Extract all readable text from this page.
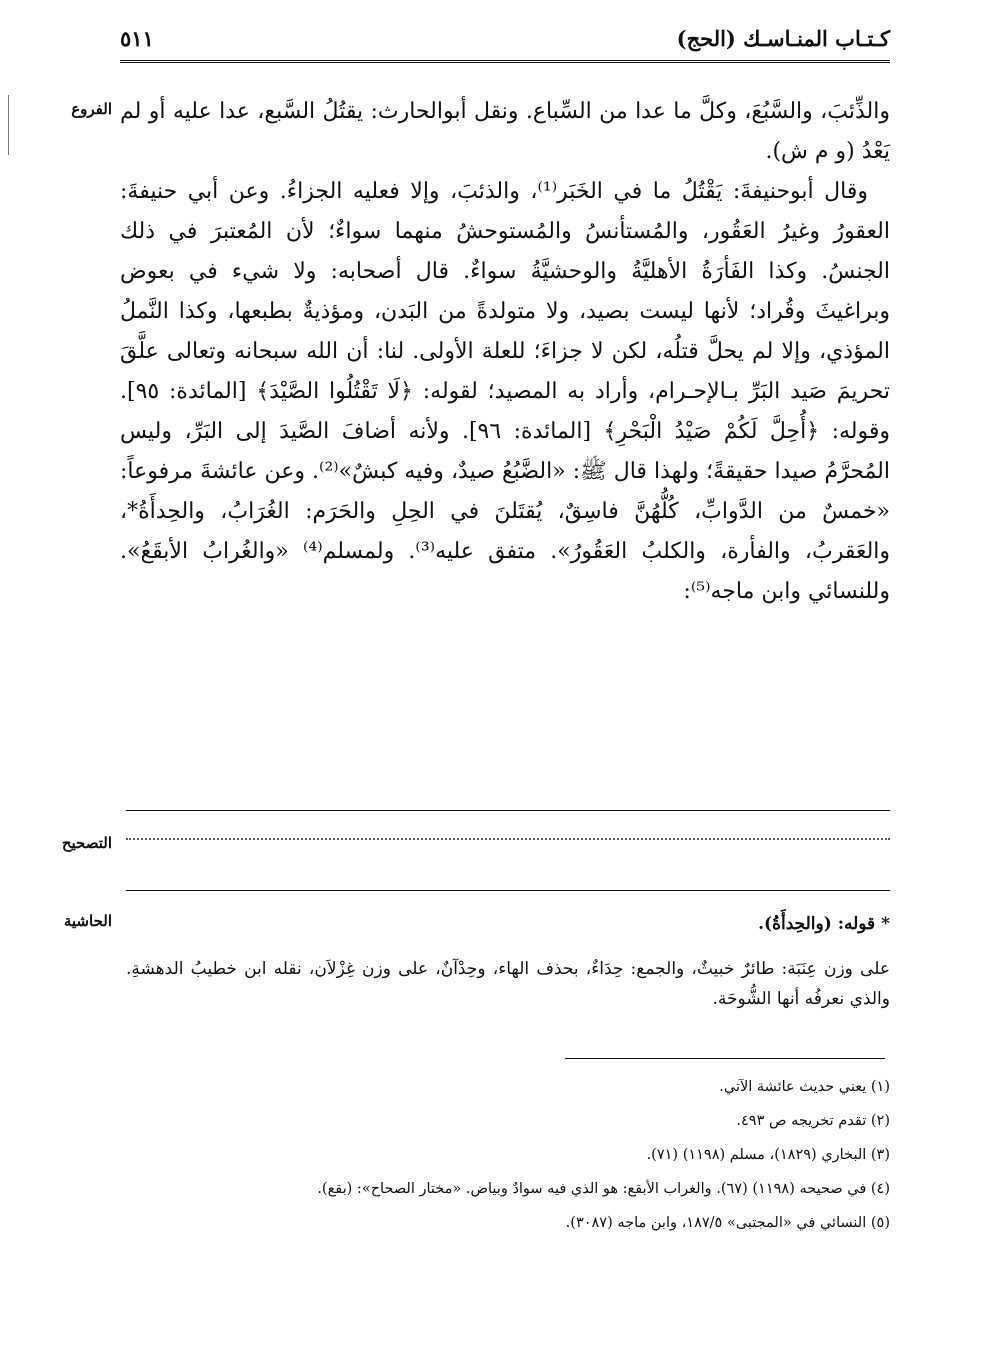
كـتـاب المنـاسـك (الحج)
٥١١
الفروع
التصحيح
الحاشية

والذِّئبَ، والسَّبُعَ، وكلَّ ما عدا من السِّباع. ونقل أبوالحارث: يقتُلُ السَّبع، عدا عليه أو لم يَعْدُ (و م ش).

وقال أبوحنيفةَ: يَقْتُلُ ما في الخَبَر⁽¹⁾، والذئبَ، وإلا فعليه الجزاءُ. وعن أبي حنيفةَ: العقورُ وغيرُ العَقُور، والمُستأنسُ والمُستوحشُ منهما سواءٌ؛ لأن المُعتبرَ في ذلك الجنسُ. وكذا الفَأرَةُ الأهليَّةُ والوحشيَّةُ سواءٌ. قال أصحابه: ولا شيء في بعوض وبراغيثَ وقُراد؛ لأنها ليست بصيد، ولا متولدةً من البَدن، ومؤذيةٌ بطبعها، وكذا النَّملُ المؤذي، وإلا لم يحلَّ قتلُه، لكن لا جزاءَ؛ للعلة الأولى. لنا: أن الله سبحانه وتعالى علَّقَ تحريمَ صَيد البَرِّ بـالإحـرام، وأراد به المصيد؛ لقوله: ﴿لَا تَقْتُلُوا الصَّيْدَ﴾ [المائدة: ٩٥]. وقوله: ﴿أُحِلَّ لَكُمْ صَيْدُ الْبَحْرِ﴾ [المائدة: ٩٦]. ولأنه أضافَ الصَّيدَ إلى البَرِّ، وليس المُحرَّمُ صيدا حقيقةً؛ ولهذا قال ﷺ: «الضَّبُعُ صيدٌ، وفيه كبشٌ»⁽²⁾. وعن عائشةَ مرفوعاً: «خمسٌ من الدَّوابِّ، كُلُّهُنَّ فاسِقٌ، يُقتَلنَ في الحِلِ والحَرَم: الغُرَابُ، والحِدأَةُ*، والعَقربُ، والفأرة، والكلبُ العَقُورُ». متفق عليه⁽³⁾. ولمسلم⁽⁴⁾ «والغُرابُ الأبقَعُ». وللنسائي وابن ماجه⁽⁵⁾:

* قوله: (والحِدأَةُ).
على وزن عِنَبَة: طائرٌ خبيثٌ، والجمع: حِدَاءٌ، بحذف الهاء، وحِدْآنٌ، على وزن غِزْلاَن، نقله ابن خطيبُ الدهشةِ. والذي نعرفُه أنها الشُّوحَة.
(١) يعني حديث عائشة الآتي.
(٢) تقدم تخريجه ص ٤٩٣.
(٣) البخاري (١٨٢٩)، مسلم (١١٩٨) (٧١).
(٤) في صحيحه (١١٩٨) (٦٧). والغراب الأبقع: هو الذي فيه سوادٌ وبياض. «مختار الصحاح»: (بقع).
(٥) النسائي في «المجتبى» ١٨٧/٥، وابن ماجه (٣٠٨٧).
